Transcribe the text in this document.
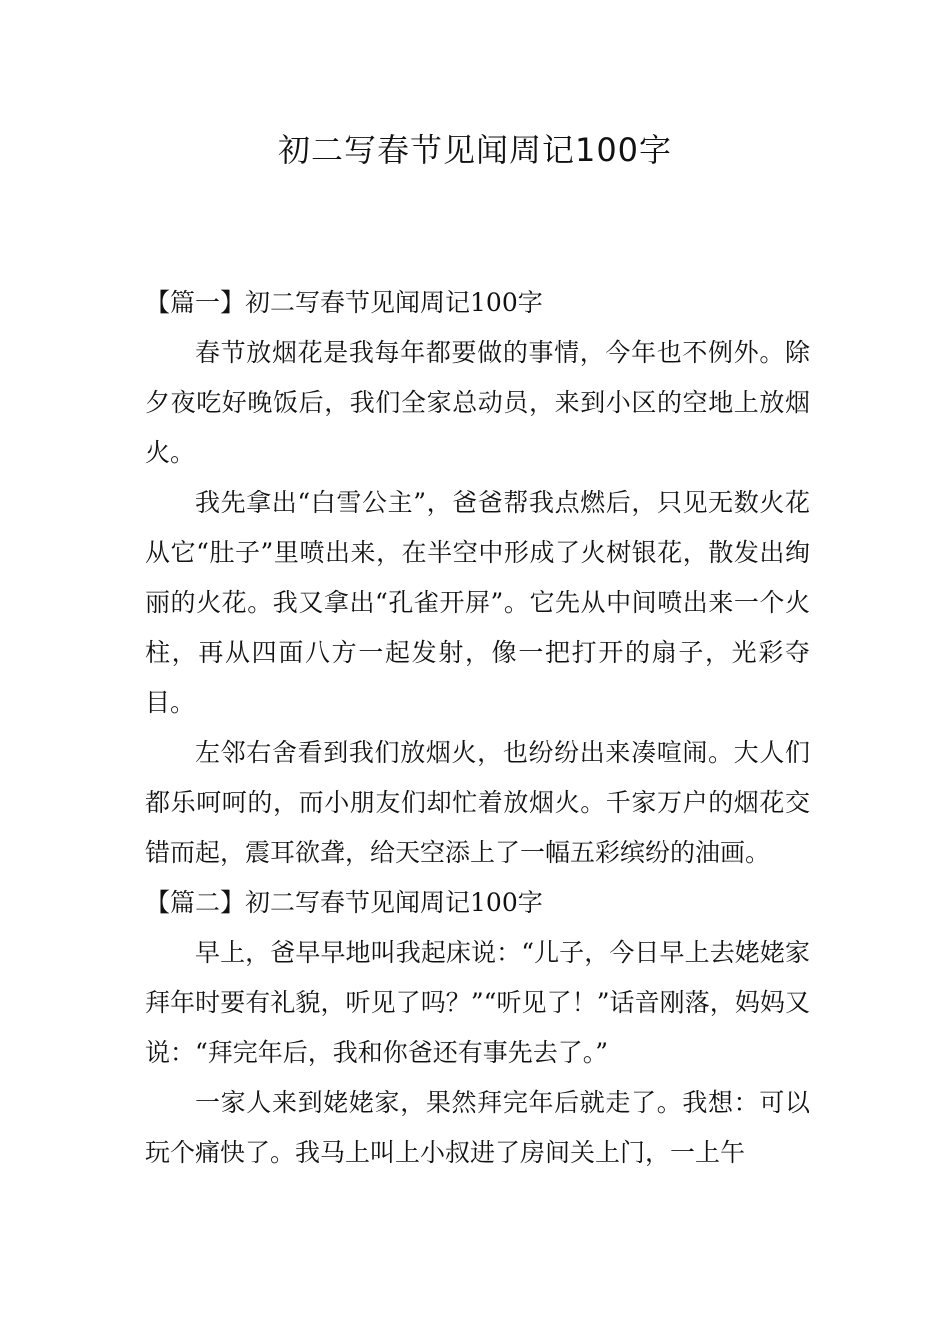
初二写春节见闻周记100字
【篇一】初二写春节见闻周记100字

春节放烟花是我每年都要做的事情，今年也不例外。除夕夜吃好晚饭后，我们全家总动员，来到小区的空地上放烟火。

我先拿出“白雪公主”，爸爸帮我点燃后，只见无数火花从它“肚子”里喷出来，在半空中形成了火树银花，散发出绚丽的火花。我又拿出“孔雀开屏”。它先从中间喷出来一个火柱，再从四面八方一起发射，像一把打开的扇子，光彩夺目。

左邻右舍看到我们放烟火，也纷纷出来凑喧闹。大人们都乐呵呵的，而小朋友们却忙着放烟火。千家万户的烟花交错而起，震耳欲聋，给天空添上了一幅五彩缤纷的油画。

【篇二】初二写春节见闻周记100字

早上，爸早早地叫我起床说：“儿子，今日早上去姥姥家拜年时要有礼貌，听见了吗？”“听见了！”话音刚落，妈妈又说：“拜完年后，我和你爸还有事先去了。”

一家人来到姥姥家，果然拜完年后就走了。我想：可以玩个痛快了。我马上叫上小叔进了房间关上门，一上午
